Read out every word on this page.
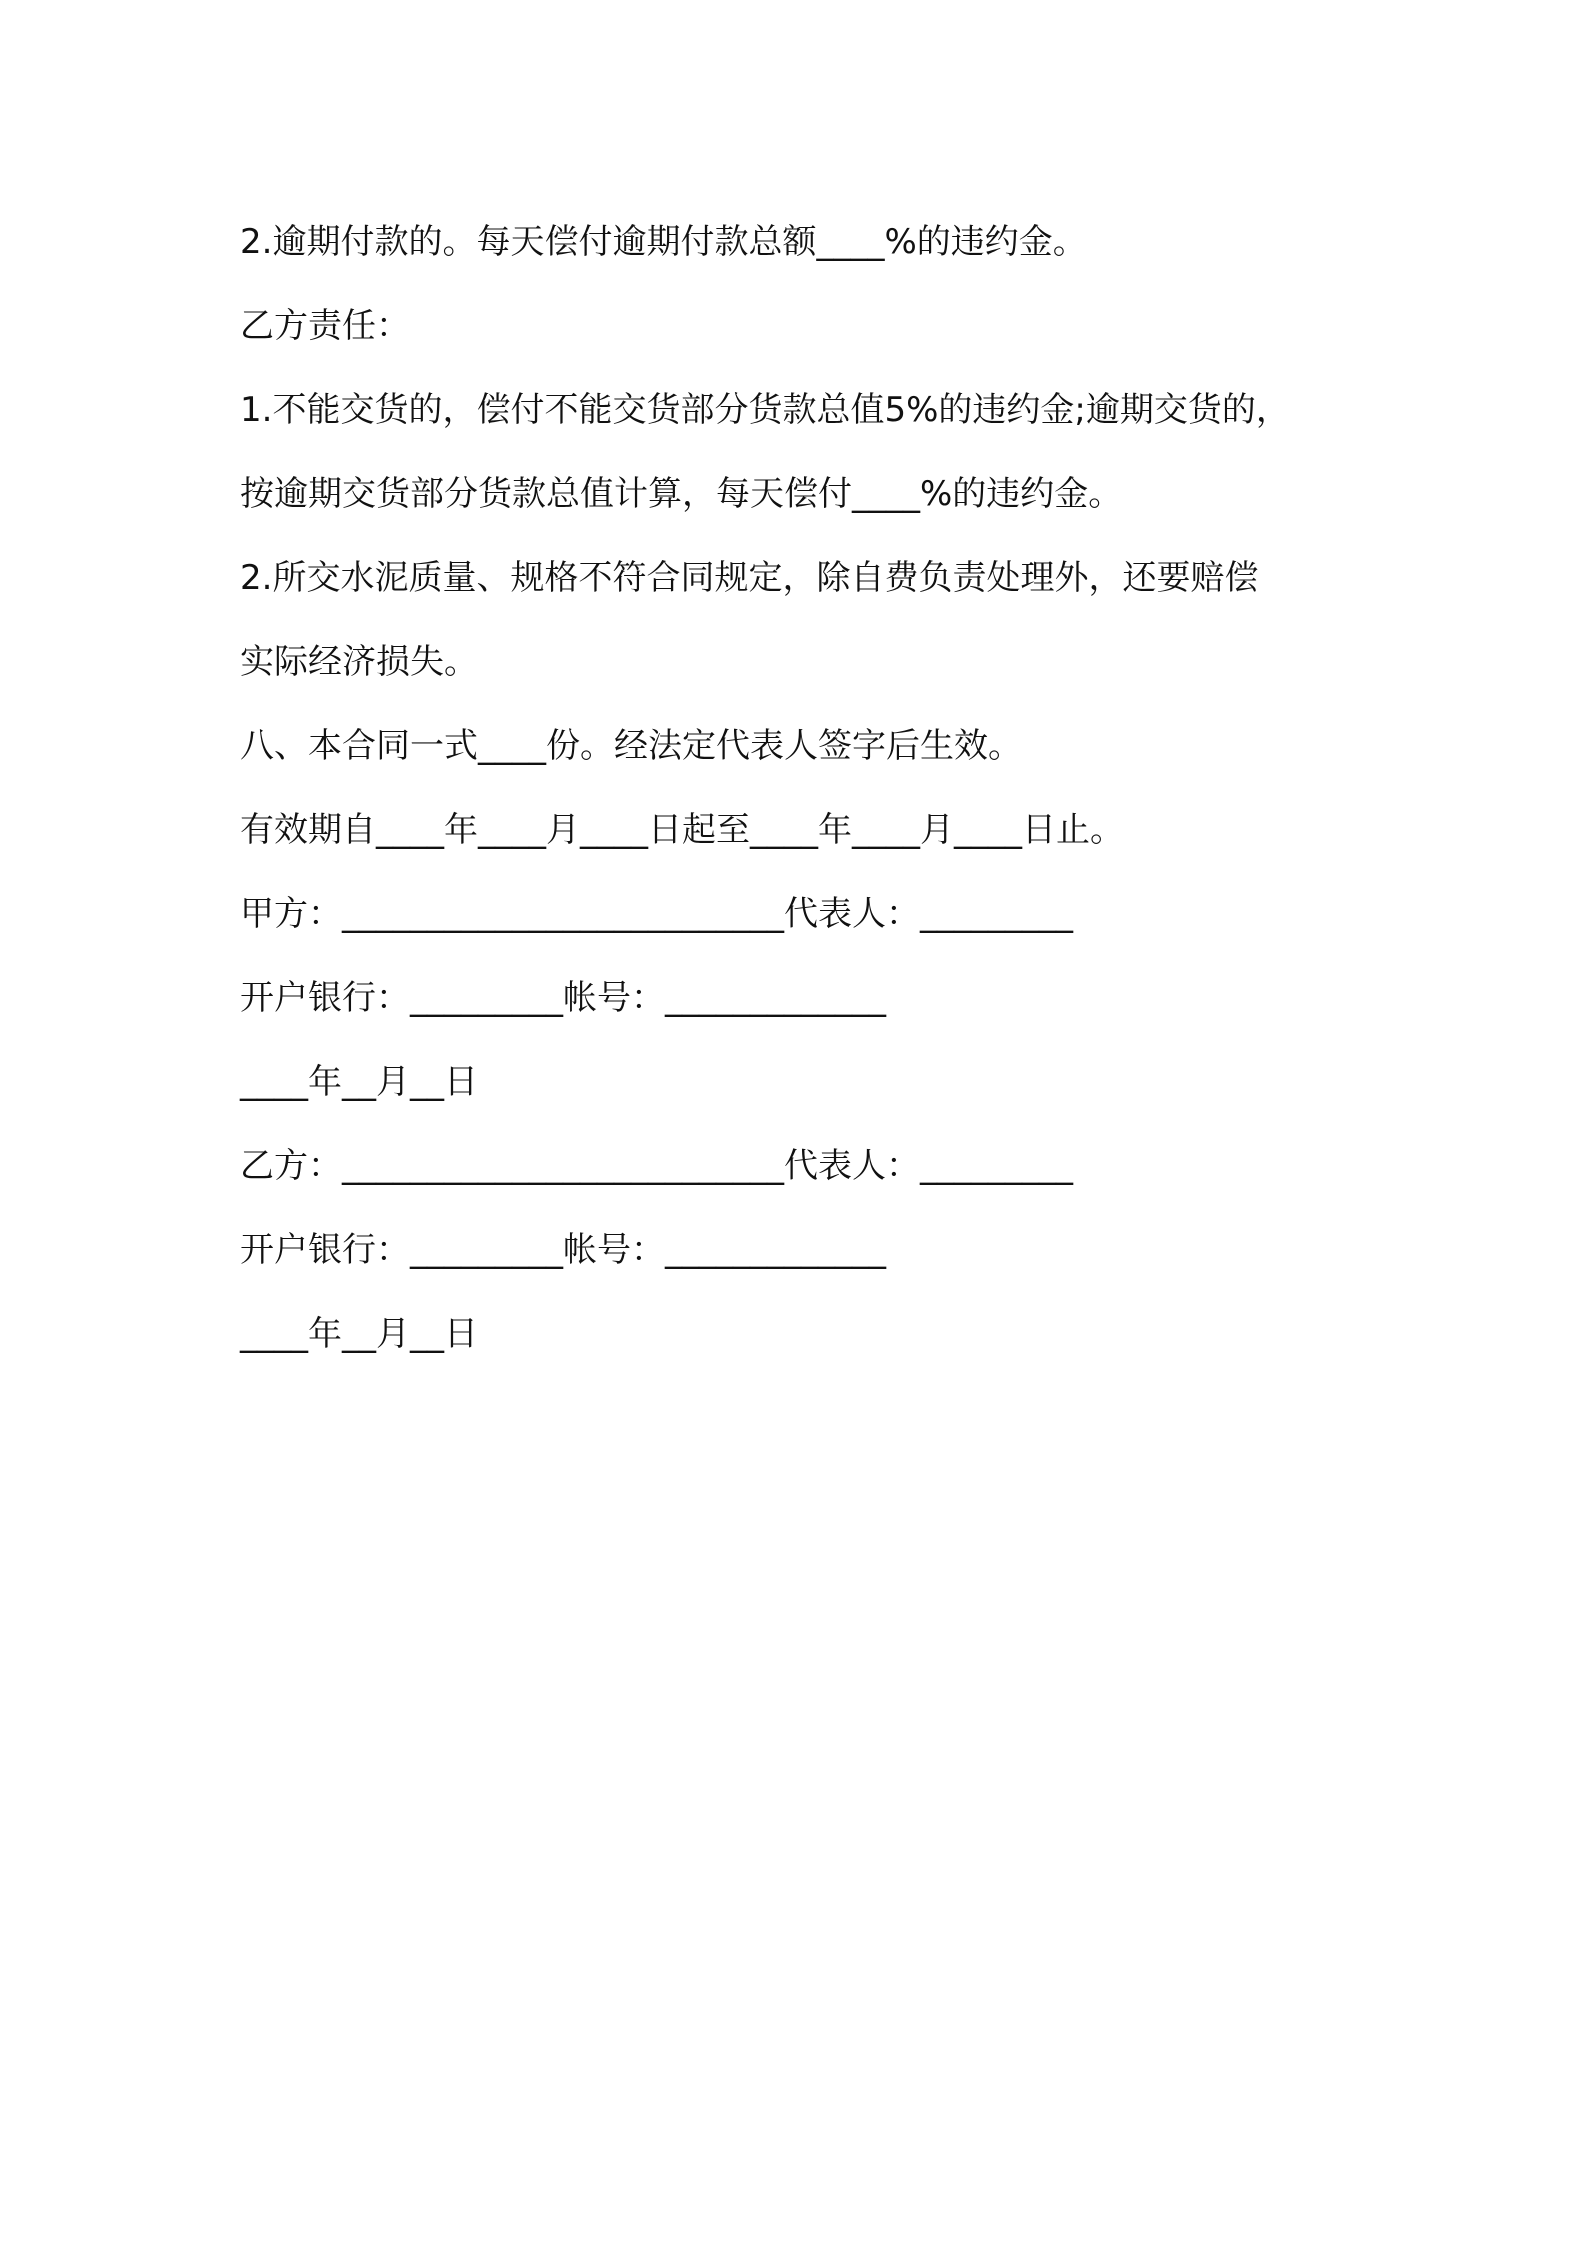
2.逾期付款的。每天偿付逾期付款总额____%的违约金。

乙方责任：

1.不能交货的，偿付不能交货部分货款总值5%的违约金;逾期交货的，

按逾期交货部分货款总值计算，每天偿付____%的违约金。

2.所交水泥质量、规格不符合同规定，除自费负责处理外，还要赔偿

实际经济损失。

八、本合同一式____份。经法定代表人签字后生效。

有效期自____年____月____日起至____年____月____日止。

甲方：__________________________代表人：_________

开户银行：_________帐号：_____________

____年__月__日

乙方：__________________________代表人：_________

开户银行：_________帐号：_____________

____年__月__日
